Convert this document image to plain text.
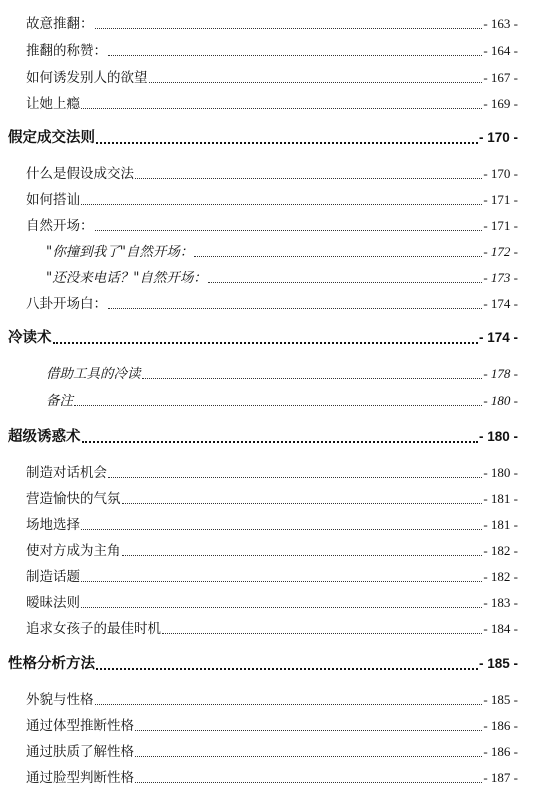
故意推翻：	- 163 -
推翻的称赞：	- 164 -
如何诱发别人的欲望	- 167 -
让她上瘾	- 169 -
假定成交法则	- 170 -
什么是假设成交法	- 170 -
如何搭讪	- 171 -
自然开场：	- 171 -
"你撞到我了"自然开场：	- 172 -
"还没来电话？"自然开场：	- 173 -
八卦开场白：	- 174 -
冷读术	- 174 -
借助工具的冷读	- 178 -
备注	- 180 -
超级诱惑术	- 180 -
制造对话机会	- 180 -
营造愉快的气氛	- 181 -
场地选择	- 181 -
使对方成为主角	- 182 -
制造话题	- 182 -
暧昧法则	- 183 -
追求女孩子的最佳时机	- 184 -
性格分析方法	- 185 -
外貌与性格	- 185 -
通过体型推断性格	- 186 -
通过肤质了解性格	- 186 -
通过脸型判断性格	- 187 -
